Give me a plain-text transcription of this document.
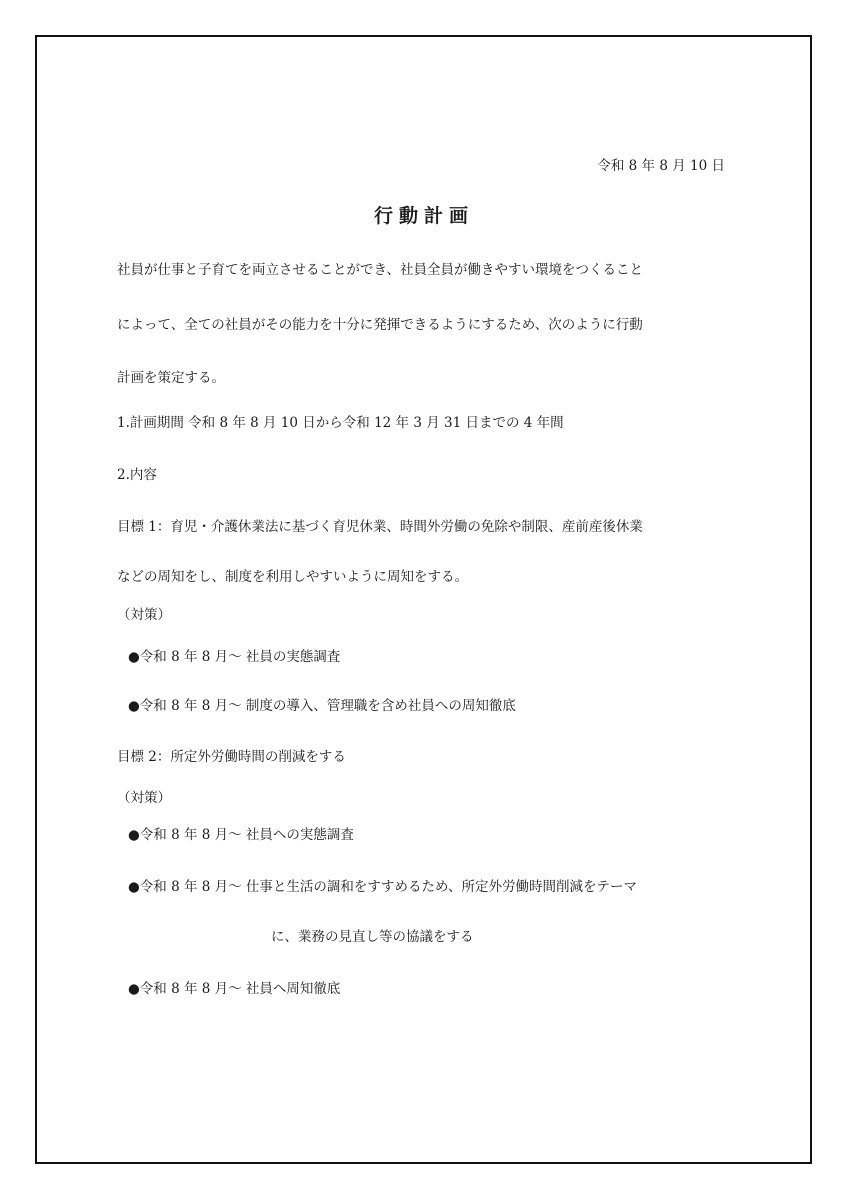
令和 8 年 8 月 10 日
行動計画
社員が仕事と子育てを両立させることができ、社員全員が働きやすい環境をつくること
によって、全ての社員がその能力を十分に発揮できるようにするため、次のように行動
計画を策定する。
1.計画期間 令和 8 年 8 月 10 日から令和 12 年 3 月 31 日までの 4 年間
2.内容
目標 1：育児・介護休業法に基づく育児休業、時間外労働の免除や制限、産前産後休業
などの周知をし、制度を利用しやすいように周知をする。
（対策）
●令和 8 年 8 月～ 社員の実態調査
●令和 8 年 8 月～ 制度の導入、管理職を含め社員への周知徹底
目標 2：所定外労働時間の削減をする
（対策）
●令和 8 年 8 月～ 社員への実態調査
●令和 8 年 8 月～ 仕事と生活の調和をすすめるため、所定外労働時間削減をテーマ
に、業務の見直し等の協議をする
●令和 8 年 8 月～ 社員へ周知徹底
